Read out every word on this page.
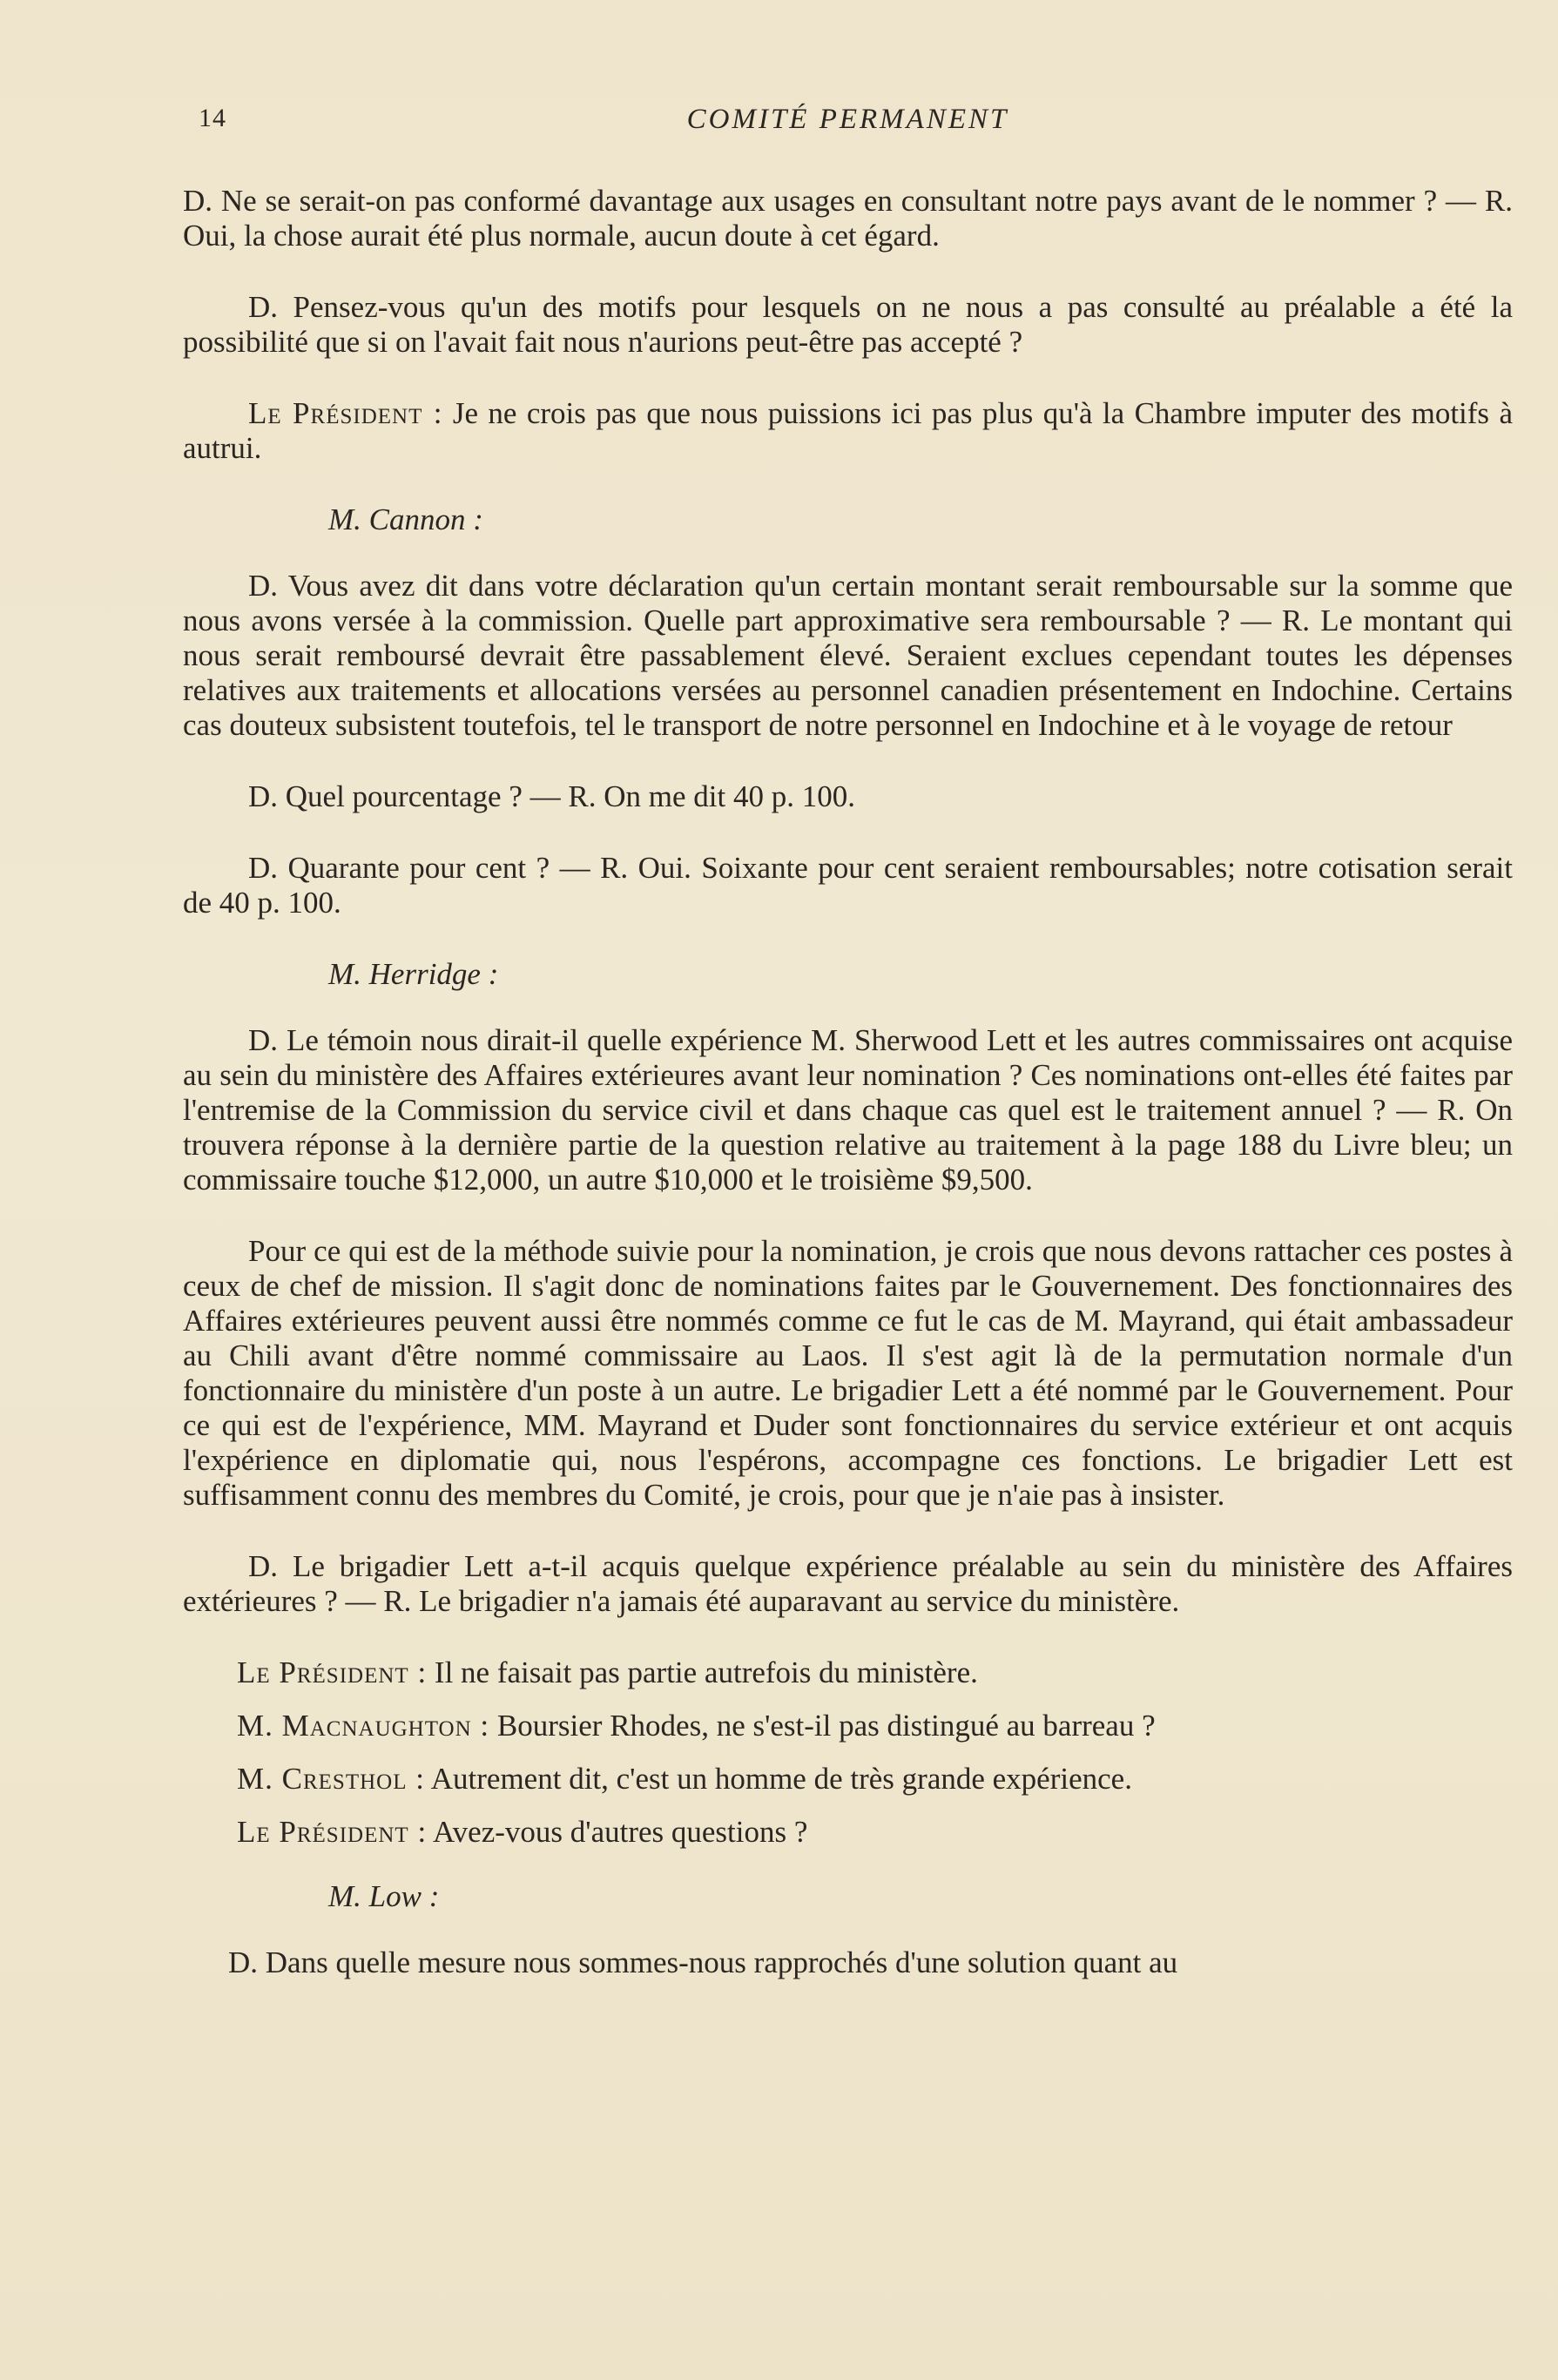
14	COMITÉ PERMANENT

D. Ne se serait-on pas conformé davantage aux usages en consultant notre pays avant de le nommer ? — R. Oui, la chose aurait été plus normale, aucun doute à cet égard.

D. Pensez-vous qu'un des motifs pour lesquels on ne nous a pas consulté au préalable a été la possibilité que si on l'avait fait nous n'aurions peut-être pas accepté ?

Le Président : Je ne crois pas que nous puissions ici pas plus qu'à la Chambre imputer des motifs à autrui.

M. Cannon :

D. Vous avez dit dans votre déclaration qu'un certain montant serait remboursable sur la somme que nous avons versée à la commission. Quelle part approximative sera remboursable ? — R. Le montant qui nous serait remboursé devrait être passablement élevé. Seraient exclues cependant toutes les dépenses relatives aux traitements et allocations versées au personnel canadien présentement en Indochine. Certains cas douteux subsistent toutefois, tel le transport de notre personnel en Indochine et à le voyage de retour

D. Quel pourcentage ? — R. On me dit 40 p. 100.

D. Quarante pour cent ? — R. Oui. Soixante pour cent seraient remboursables; notre cotisation serait de 40 p. 100.

M. Herridge :

D. Le témoin nous dirait-il quelle expérience M. Sherwood Lett et les autres commissaires ont acquise au sein du ministère des Affaires extérieures avant leur nomination ? Ces nominations ont-elles été faites par l'entremise de la Commission du service civil et dans chaque cas quel est le traitement annuel ? — R. On trouvera réponse à la dernière partie de la question relative au traitement à la page 188 du Livre bleu; un commissaire touche $12,000, un autre $10,000 et le troisième $9,500.

Pour ce qui est de la méthode suivie pour la nomination, je crois que nous devons rattacher ces postes à ceux de chef de mission. Il s'agit donc de nominations faites par le Gouvernement. Des fonctionnaires des Affaires extérieures peuvent aussi être nommés comme ce fut le cas de M. Mayrand, qui était ambassadeur au Chili avant d'être nommé commissaire au Laos. Il s'est agit là de la permutation normale d'un fonctionnaire du ministère d'un poste à un autre. Le brigadier Lett a été nommé par le Gouvernement. Pour ce qui est de l'expérience, MM. Mayrand et Duder sont fonctionnaires du service extérieur et ont acquis l'expérience en diplomatie qui, nous l'espérons, accompagne ces fonctions. Le brigadier Lett est suffisamment connu des membres du Comité, je crois, pour que je n'aie pas à insister.

D. Le brigadier Lett a-t-il acquis quelque expérience préalable au sein du ministère des Affaires extérieures ? — R. Le brigadier n'a jamais été auparavant au service du ministère.

Le Président : Il ne faisait pas partie autrefois du ministère.

M. Macnaughton : Boursier Rhodes, ne s'est-il pas distingué au barreau ?

M. Cresthol : Autrement dit, c'est un homme de très grande expérience.

Le Président : Avez-vous d'autres questions ?

M. Low :

D. Dans quelle mesure nous sommes-nous rapprochés d'une solution quant au
